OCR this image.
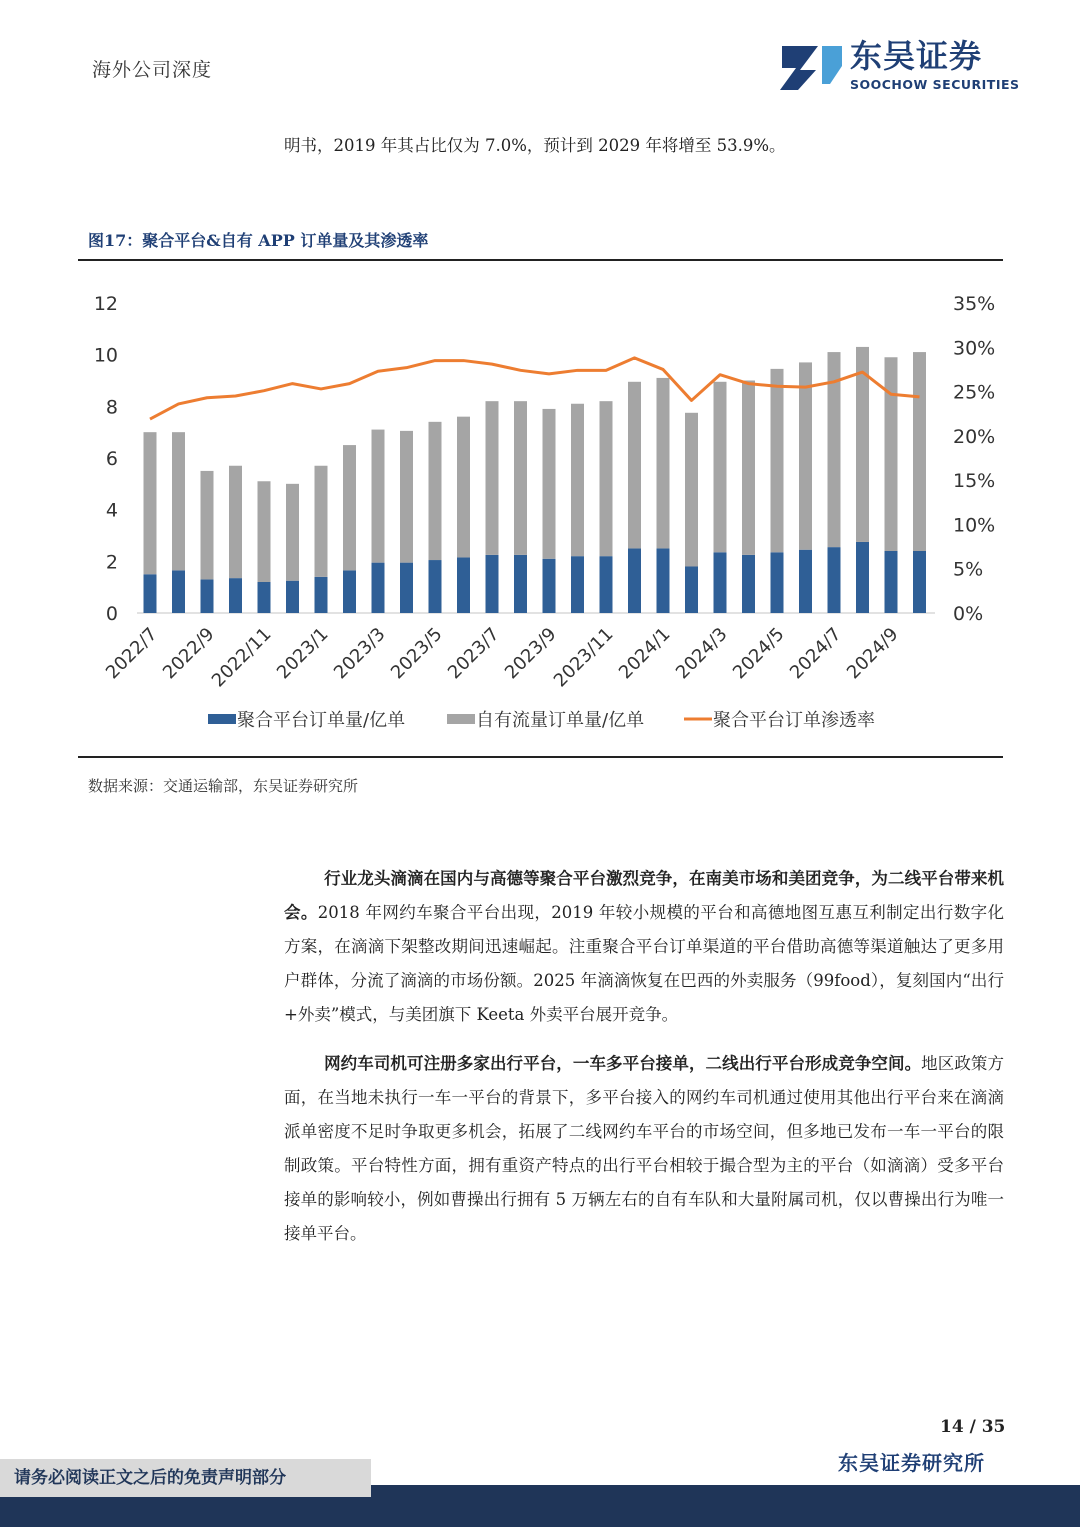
海外公司深度	东吴证券
SOOCHOW SECURITIES
明书，2019 年其占比仅为 7.0%，预计到 2029 年将增至 53.9%。
图17：聚合平台&自有 APP 订单量及其渗透率
0
2
4
6
8
10
12
0%
5%
10%
15%
20%
25%
30%
35%
2022/7
2022/9
2022/11
2023/1
2023/3
2023/5
2023/7
2023/9
2023/11
2024/1
2024/3
2024/5
2024/7
2024/9
聚合平台订单量/亿单	自有流量订单量/亿单	聚合平台订单渗透率
数据来源：交通运输部，东吴证券研究所
行业龙头滴滴在国内与高德等聚合平台激烈竞争，在南美市场和美团竞争，为二线平台带来机会。2018 年网约车聚合平台出现，2019 年较小规模的平台和高德地图互惠互利制定出行数字化方案，在滴滴下架整改期间迅速崛起。注重聚合平台订单渠道的平台借助高德等渠道触达了更多用户群体，分流了滴滴的市场份额。2025 年滴滴恢复在巴西的外卖服务（99food），复刻国内“出行+外卖”模式，与美团旗下 Keeta 外卖平台展开竞争。
网约车司机可注册多家出行平台，一车多平台接单，二线出行平台形成竞争空间。地区政策方面，在当地未执行一车一平台的背景下，多平台接入的网约车司机通过使用其他出行平台来在滴滴派单密度不足时争取更多机会，拓展了二线网约车平台的市场空间，但多地已发布一车一平台的限制政策。平台特性方面，拥有重资产特点的出行平台相较于撮合型为主的平台（如滴滴）受多平台接单的影响较小，例如曹操出行拥有 5 万辆左右的自有车队和大量附属司机，仅以曹操出行为唯一接单平台。
14 / 35
东吴证券研究所
请务必阅读正文之后的免责声明部分
